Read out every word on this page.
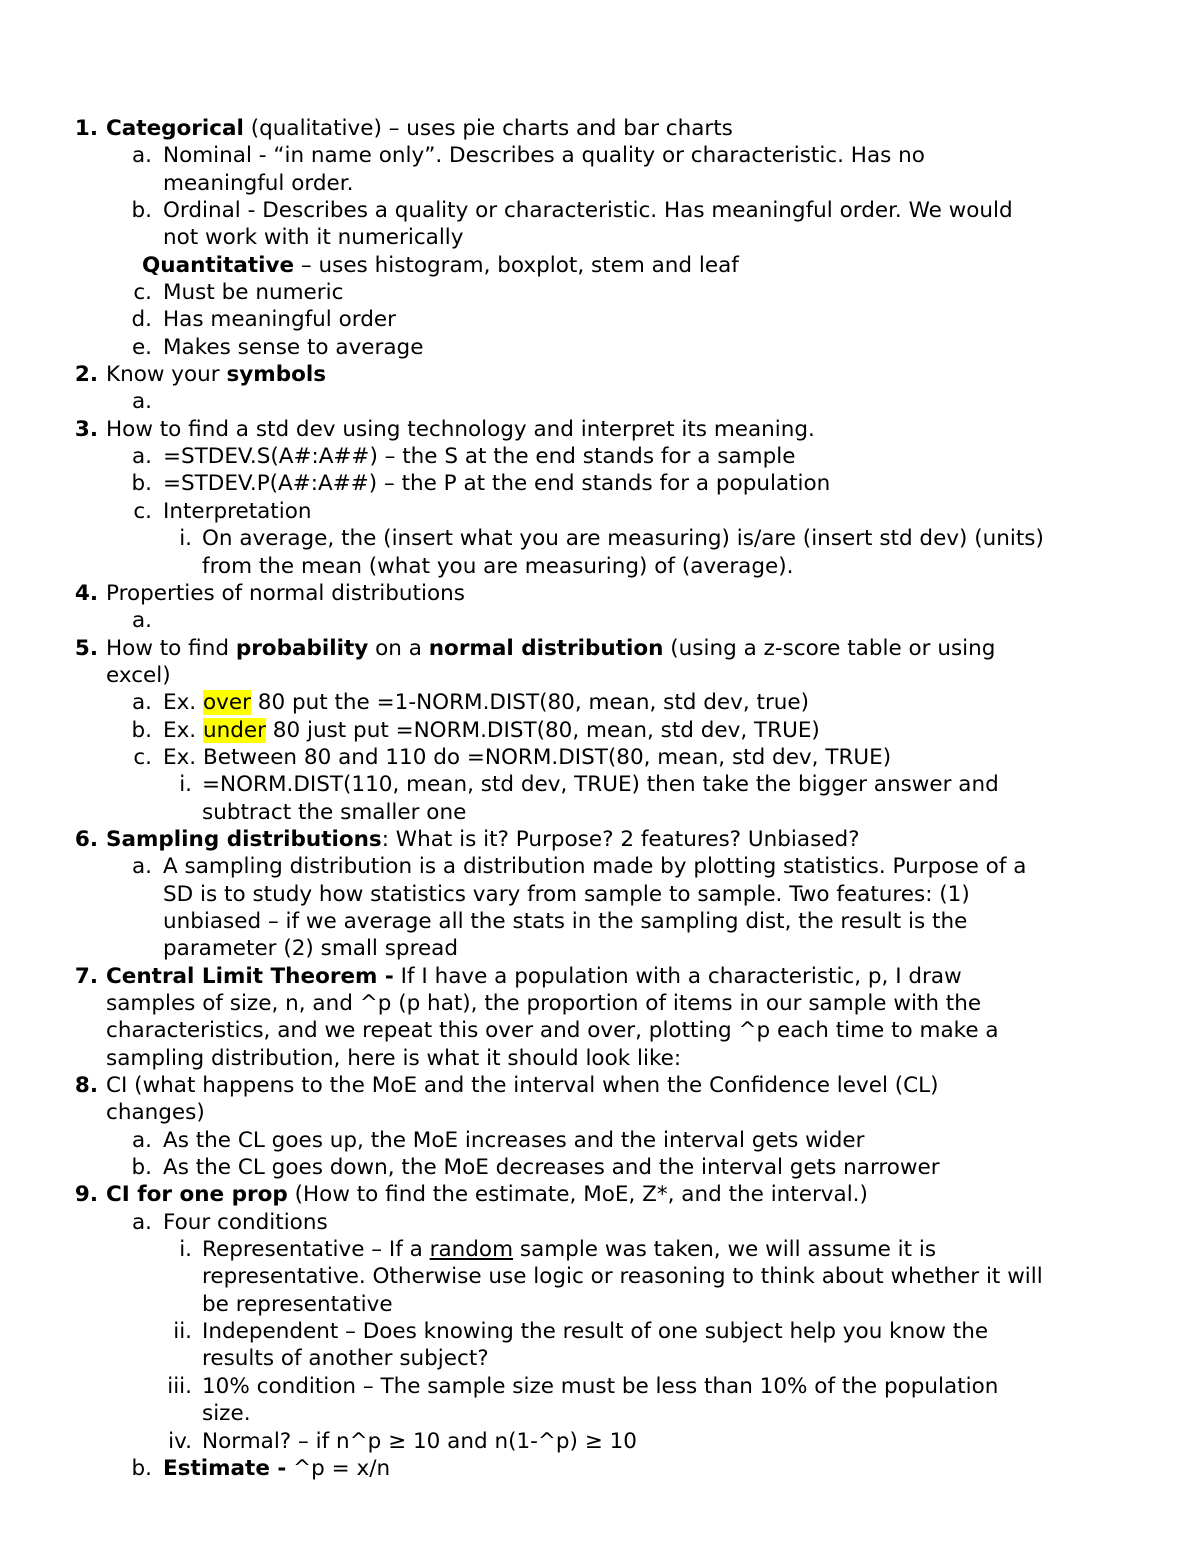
1. Categorical (qualitative) – uses pie charts and bar charts
a. Nominal - “in name only”. Describes a quality or characteristic. Has no
meaningful order.
b. Ordinal - Describes a quality or characteristic. Has meaningful order. We would
not work with it numerically
Quantitative – uses histogram, boxplot, stem and leaf
c. Must be numeric
d. Has meaningful order
e. Makes sense to average
2. Know your symbols
a.
3. How to find a std dev using technology and interpret its meaning.
a. =STDEV.S(A#:A##) – the S at the end stands for a sample
b. =STDEV.P(A#:A##) – the P at the end stands for a population
c. Interpretation
i. On average, the (insert what you are measuring) is/are (insert std dev) (units)
from the mean (what you are measuring) of (average).
4. Properties of normal distributions
a.
5. How to find probability on a normal distribution (using a z-score table or using
excel)
a. Ex. over 80 put the =1-NORM.DIST(80, mean, std dev, true)
b. Ex. under 80 just put =NORM.DIST(80, mean, std dev, TRUE)
c. Ex. Between 80 and 110 do =NORM.DIST(80, mean, std dev, TRUE)
i. =NORM.DIST(110, mean, std dev, TRUE) then take the bigger answer and
subtract the smaller one
6. Sampling distributions: What is it? Purpose? 2 features? Unbiased?
a. A sampling distribution is a distribution made by plotting statistics. Purpose of a
SD is to study how statistics vary from sample to sample. Two features: (1)
unbiased – if we average all the stats in the sampling dist, the result is the
parameter (2) small spread
7. Central Limit Theorem - If I have a population with a characteristic, p, I draw
samples of size, n, and ^p (p hat), the proportion of items in our sample with the
characteristics, and we repeat this over and over, plotting ^p each time to make a
sampling distribution, here is what it should look like:
8. CI (what happens to the MoE and the interval when the Confidence level (CL)
changes)
a. As the CL goes up, the MoE increases and the interval gets wider
b. As the CL goes down, the MoE decreases and the interval gets narrower
9. CI for one prop (How to find the estimate, MoE, Z*, and the interval.)
a. Four conditions
i. Representative – If a random sample was taken, we will assume it is
representative. Otherwise use logic or reasoning to think about whether it will
be representative
ii. Independent – Does knowing the result of one subject help you know the
results of another subject?
iii. 10% condition – The sample size must be less than 10% of the population
size.
iv. Normal? – if n^p ≥ 10 and n(1-^p) ≥ 10
b. Estimate - ^p = x/n
